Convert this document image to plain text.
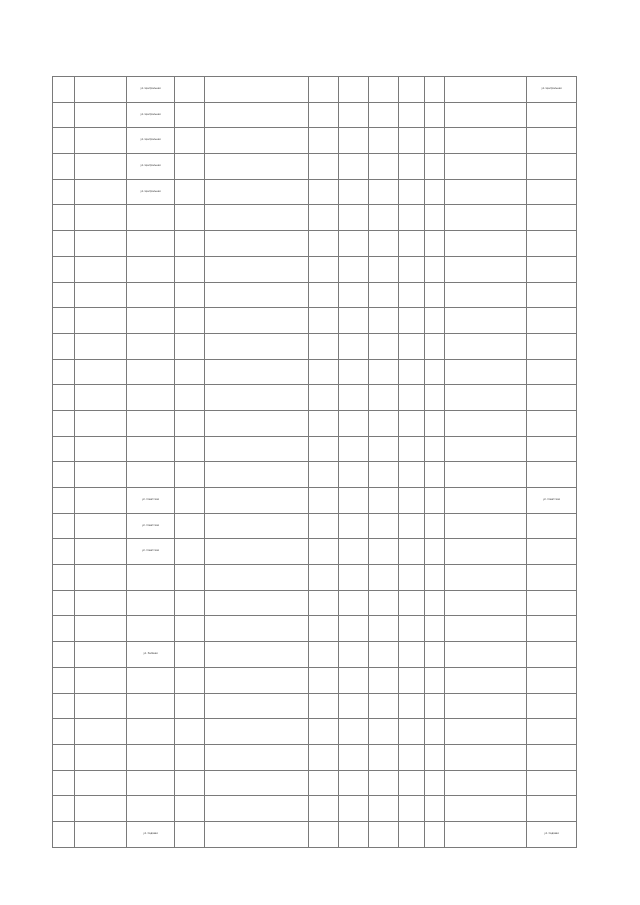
		ул. Центральная									ул. Центральная
		ул. Центральная									
		ул. Центральная									
		ул. Центральная									
		ул. Центральная									

		ул. Советская									ул. Советская
		ул. Советская									
		ул. Советская									

		ул. Зелёная									

		ул. Садовая									ул. Садовая
